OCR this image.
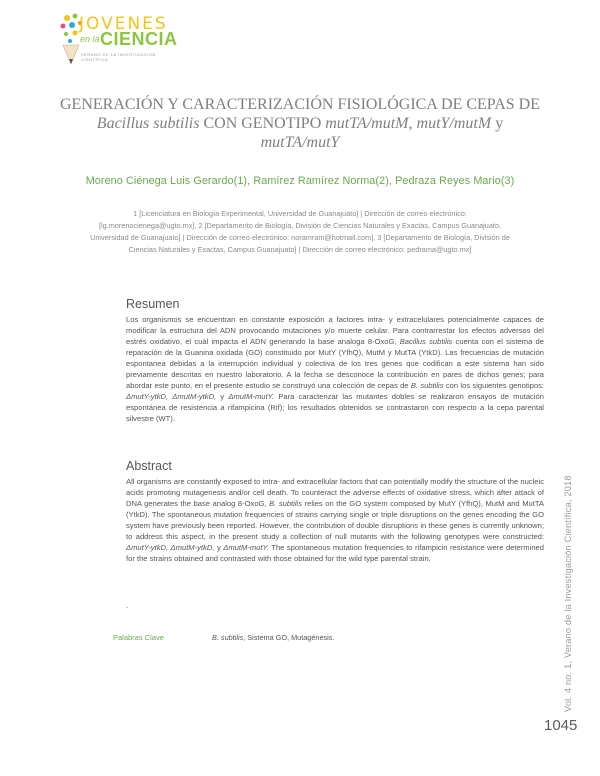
JOVENES
en la CIENCIA
VERANO DE LA INVESTIGACIÓN CIENTÍFICA
GENERACIÓN Y CARACTERIZACIÓN FISIOLÓGICA DE CEPAS DE
Bacillus subtilis CON GENOTIPO mutTA/mutM, mutY/mutM y
mutTA/mutY
Moreno Ciénega Luis Gerardo(1), Ramírez Ramírez Norma(2), Pedraza Reyes Mario(3)
1 [Licenciatura en Biología Experimental, Universidad de Guanajuato] | Dirección de correo electrónico:
[lg.morenocienega@ugto.mx], 2 [Departamento de Biología, División de Ciencias Naturales y Exactas, Campus Guanajuato,
Universidad de Guanajuato] | Dirección de correo electrónico: noramram@hotmail.com], 3 [Departamento de Biología, División de
Ciencias Naturales y Exactas, Campus Guanajuato] | Dirección de correo electrónico: pedrama@ugto.mx]
Resumen
Los organismos se encuentran en constante exposición a factores intra- y extracelulares potencialmente capaces de modificar la estructura del ADN provocando mutaciones y/o muerte celular. Para contrarrestar los efectos adversos del estrés oxidativo, el cuál impacta el ADN generando la base analoga 8-OxoG, Bacillus subtilis cuenta con el sistema de reparación de la Guanina oxidada (GO) constituido por MutY (YfhQ), MutM y MutTA (YtkD). Las frecuencias de mutación espontanea debidas a la interrupción individual y colectiva de los tres genes que codifican a este sistema han sido previamente descritas en nuestro laboratorio. A la fecha se desconoce la contribución en pares de dichos genes; para abordar este punto, en el presente estudio se construyó una colección de cepas de B. subtilis con los siguientes genotipos: ΔmutY-ytkD, ΔmutM-ytkD, y ΔmutM-mutY. Para caracterizar las mutantes dobles se realizaron ensayos de mutación espontánea de resistencia a rifampicina (Rif); los resultados obtenidos se contrastaron con respecto a la cepa parental silvestre (WT).
Abstract
All organisms are constantly exposed to intra- and extracellular factors that can potentially modify the structure of the nucleic acids promoting mutagenesis and/or cell death. To counteract the adverse effects of oxidative stress, which after attack of DNA generates the base analog 8-OxoG, B. subtilis relies on the GO system composed by MutY (YfhQ), MutM and MutTA (YtkD). The spontaneous mutation frequencies of strains carrying single or triple disruptions on the genes encoding the GO system have previously been reported. However, the contribution of double disruptions in these genes is currently unknown; to address this aspect, in the present study a collection of null mutants with the following genotypes were constructed: ΔmutY-ytkD, ΔmutM-ytkD, y ΔmutM-mutY. The spontaneous mutation frequencies to rifampicin resistance were determined for the strains obtained and contrasted with those obtained for the wild type parental strain.
.
Palabras Clave	B. subtilis, Sistema GO, Mutagénesis.	Vol. 4 no. 1, Verano de la Investigación Científica, 2018
1045
